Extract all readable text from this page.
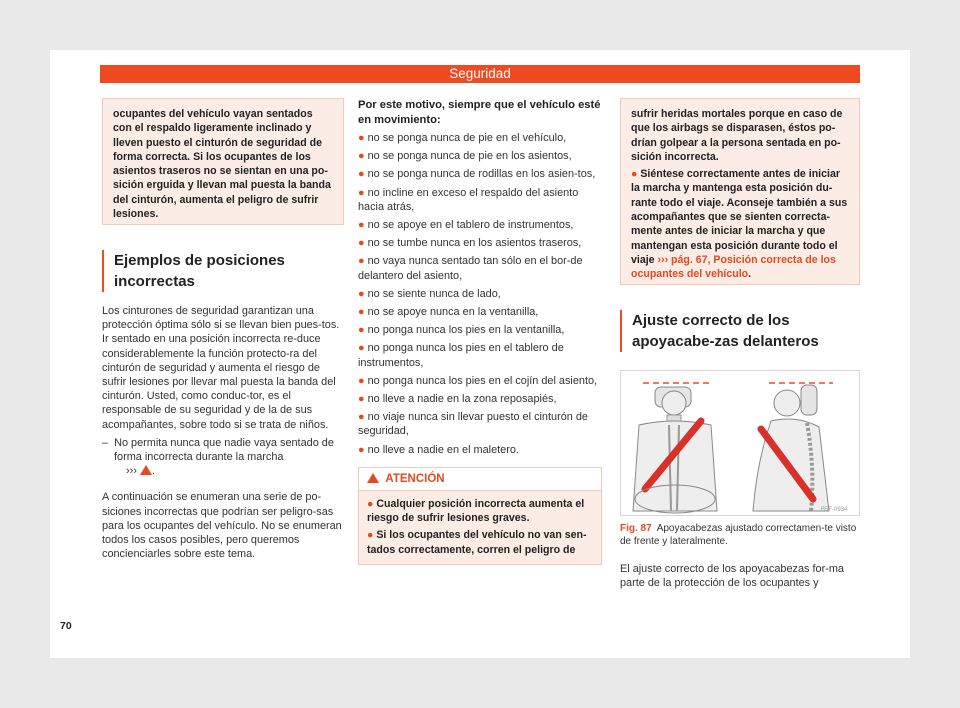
Seguridad
ocupantes del vehículo vayan sentados con el respaldo ligeramente inclinado y lleven puesto el cinturón de seguridad de forma correcta. Si los ocupantes de los asientos traseros no se sientan en una po-sición erguida y llevan mal puesta la banda del cinturón, aumenta el peligro de sufrir lesiones.
Ejemplos de posiciones incorrectas

Los cinturones de seguridad garantizan una protección óptima sólo si se llevan bien pues-tos. Ir sentado en una posición incorrecta re-duce considerablemente la función protecto-ra del cinturón de seguridad y aumenta el riesgo de sufrir lesiones por llevar mal puesta la banda del cinturón. Usted, como conduc-tor, es el responsable de su seguridad y de la de sus acompañantes, sobre todo si se trata de niños.

–  No permita nunca que nadie vaya sentado de forma incorrecta durante la marcha
››› .

A continuación se enumeran una serie de po-siciones incorrectas que podrían ser peligro-sas para los ocupantes del vehículo. No se enumeran todos los casos posibles, pero queremos concienciarles sobre este tema.

Por este motivo, siempre que el vehículo esté en movimiento:
● no se ponga nunca de pie en el vehículo,
● no se ponga nunca de pie en los asientos,
● no se ponga nunca de rodillas en los asien-tos,
● no incline en exceso el respaldo del asiento hacia atrás,
● no se apoye en el tablero de instrumentos,
● no se tumbe nunca en los asientos traseros,
● no vaya nunca sentado tan sólo en el bor-de delantero del asiento,
● no se siente nunca de lado,
● no se apoye nunca en la ventanilla,
● no ponga nunca los pies en la ventanilla,
● no ponga nunca los pies en el tablero de instrumentos,
● no ponga nunca los pies en el cojín del asiento,
● no lleve a nadie en la zona reposapiés,
● no viaje nunca sin llevar puesto el cinturón de seguridad,
● no lleve a nadie en el maletero.
ATENCIÓN
● Cualquier posición incorrecta aumenta el riesgo de sufrir lesiones graves.
● Si los ocupantes del vehículo no van sen-tados correctamente, corren el peligro de
sufrir heridas mortales porque en caso de que los airbags se disparasen, éstos po-drían golpear a la persona sentada en po-sición incorrecta.
● Siéntese correctamente antes de iniciar la marcha y mantenga esta posición du-rante todo el viaje. Aconseje también a sus acompañantes que se sienten correcta-mente antes de iniciar la marcha y que mantengan esta posición durante todo el viaje ››› pág. 67, Posición correcta de los ocupantes del vehículo.
Ajuste correcto de los apoyacabe-zas delanteros
B5F-0934
Fig. 87 Apoyacabezas ajustado correctamen-te visto de frente y lateralmente.

El ajuste correcto de los apoyacabezas for-ma parte de la protección de los ocupantes y

70
